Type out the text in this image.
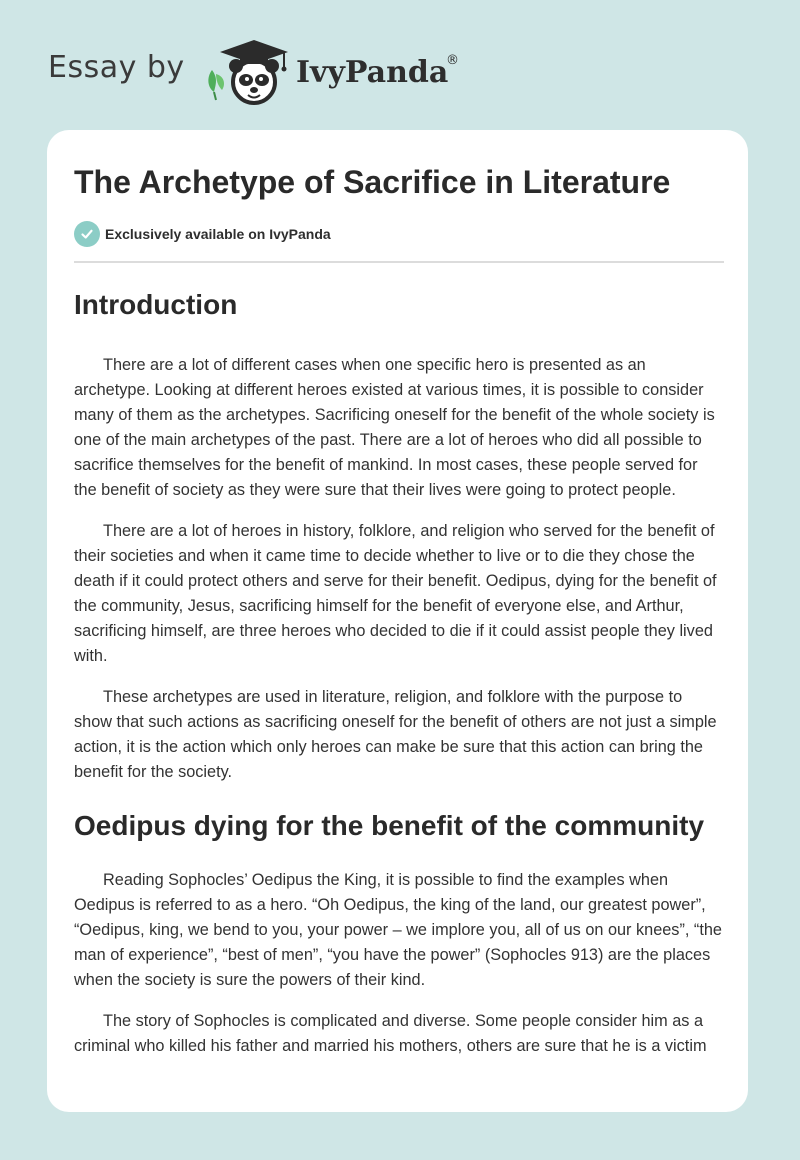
Essay by	IvyPanda
®
The Archetype of Sacrifice in Literature
Exclusively available on IvyPanda
Introduction

There are a lot of different cases when one specific hero is presented as an archetype. Looking at different heroes existed at various times, it is possible to consider many of them as the archetypes. Sacrificing oneself for the benefit of the whole society is one of the main archetypes of the past. There are a lot of heroes who did all possible to sacrifice themselves for the benefit of mankind. In most cases, these people served for the benefit of society as they were sure that their lives were going to protect people.

There are a lot of heroes in history, folklore, and religion who served for the benefit of their societies and when it came time to decide whether to live or to die they chose the death if it could protect others and serve for their benefit. Oedipus, dying for the benefit of the community, Jesus, sacrificing himself for the benefit of everyone else, and Arthur, sacrificing himself, are three heroes who decided to die if it could assist people they lived with.

These archetypes are used in literature, religion, and folklore with the purpose to show that such actions as sacrificing oneself for the benefit of others are not just a simple action, it is the action which only heroes can make be sure that this action can bring the benefit for the society.

Oedipus dying for the benefit of the community

Reading Sophocles’ Oedipus the King, it is possible to find the examples when Oedipus is referred to as a hero. “Oh Oedipus, the king of the land, our greatest power”, “Oedipus, king, we bend to you, your power – we implore you, all of us on our knees”, “the man of experience”, “best of men”, “you have the power” (Sophocles 913) are the places when the society is sure the powers of their kind.

The story of Sophocles is complicated and diverse. Some people consider him as a criminal who killed his father and married his mothers, others are sure that he is a victim
